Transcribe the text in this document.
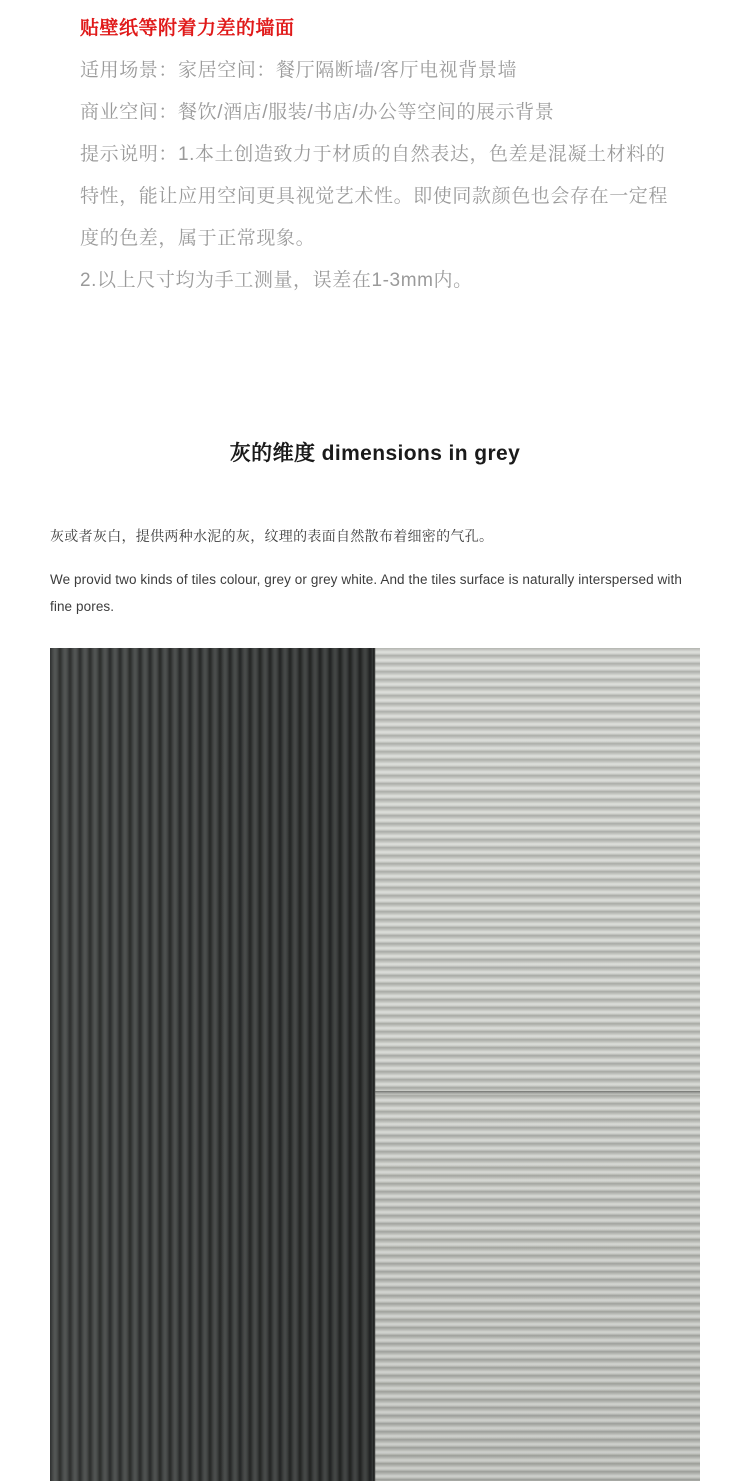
贴壁纸等附着力差的墙面

适用场景：家居空间：餐厅隔断墙/客厅电视背景墙

商业空间：餐饮/酒店/服装/书店/办公等空间的展示背景

提示说明：1.本土创造致力于材质的自然表达，色差是混凝土材料的特性，能让应用空间更具视觉艺术性。即使同款颜色也会存在一定程度的色差，属于正常现象。

2.以上尺寸均为手工测量，误差在1-3mm内。

灰的维度 dimensions in grey
灰或者灰白，提供两种水泥的灰，纹理的表面自然散布着细密的气孔。
We provid two kinds of tiles colour, grey or grey white. And the tiles surface is naturally interspersed with fine pores.
